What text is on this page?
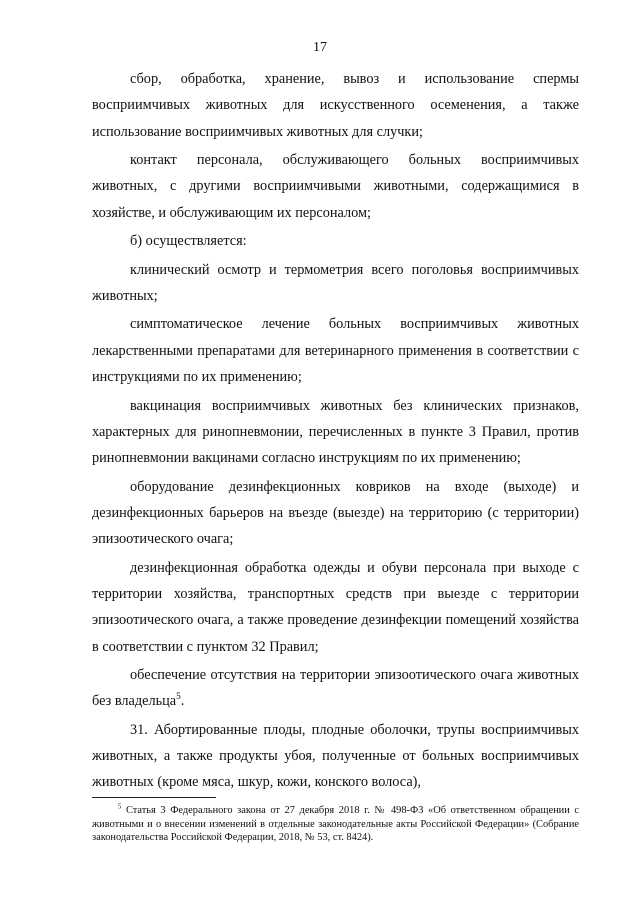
17

сбор, обработка, хранение, вывоз и использование спермы восприимчивых животных для искусственного осеменения, а также использование восприимчивых животных для случки;

контакт персонала, обслуживающего больных восприимчивых животных, с другими восприимчивыми животными, содержащимися в хозяйстве, и обслуживающим их персоналом;

б) осуществляется:

клинический осмотр и термометрия всего поголовья восприимчивых животных;

симптоматическое лечение больных восприимчивых животных лекарственными препаратами для ветеринарного применения в соответствии с инструкциями по их применению;

вакцинация восприимчивых животных без клинических признаков, характерных для ринопневмонии, перечисленных в пункте 3 Правил, против ринопневмонии вакцинами согласно инструкциям по их применению;

оборудование дезинфекционных ковриков на входе (выходе) и дезинфекционных барьеров на въезде (выезде) на территорию (с территории) эпизоотического очага;

дезинфекционная обработка одежды и обуви персонала при выходе с территории хозяйства, транспортных средств при выезде с территории эпизоотического очага, а также проведение дезинфекции помещений хозяйства в соответствии с пунктом 32 Правил;

обеспечение отсутствия на территории эпизоотического очага животных без владельца$^5$.

31. Абортированные плоды, плодные оболочки, трупы восприимчивых животных, а также продукты убоя, полученные от больных восприимчивых животных (кроме мяса, шкур, кожи, конского волоса),

$^5$ Статья 3 Федерального закона от 27 декабря 2018 г. № 498-ФЗ «Об ответственном обращении с животными и о внесении изменений в отдельные законодательные акты Российской Федерации» (Собрание законодательства Российской Федерации, 2018, № 53, ст. 8424).
